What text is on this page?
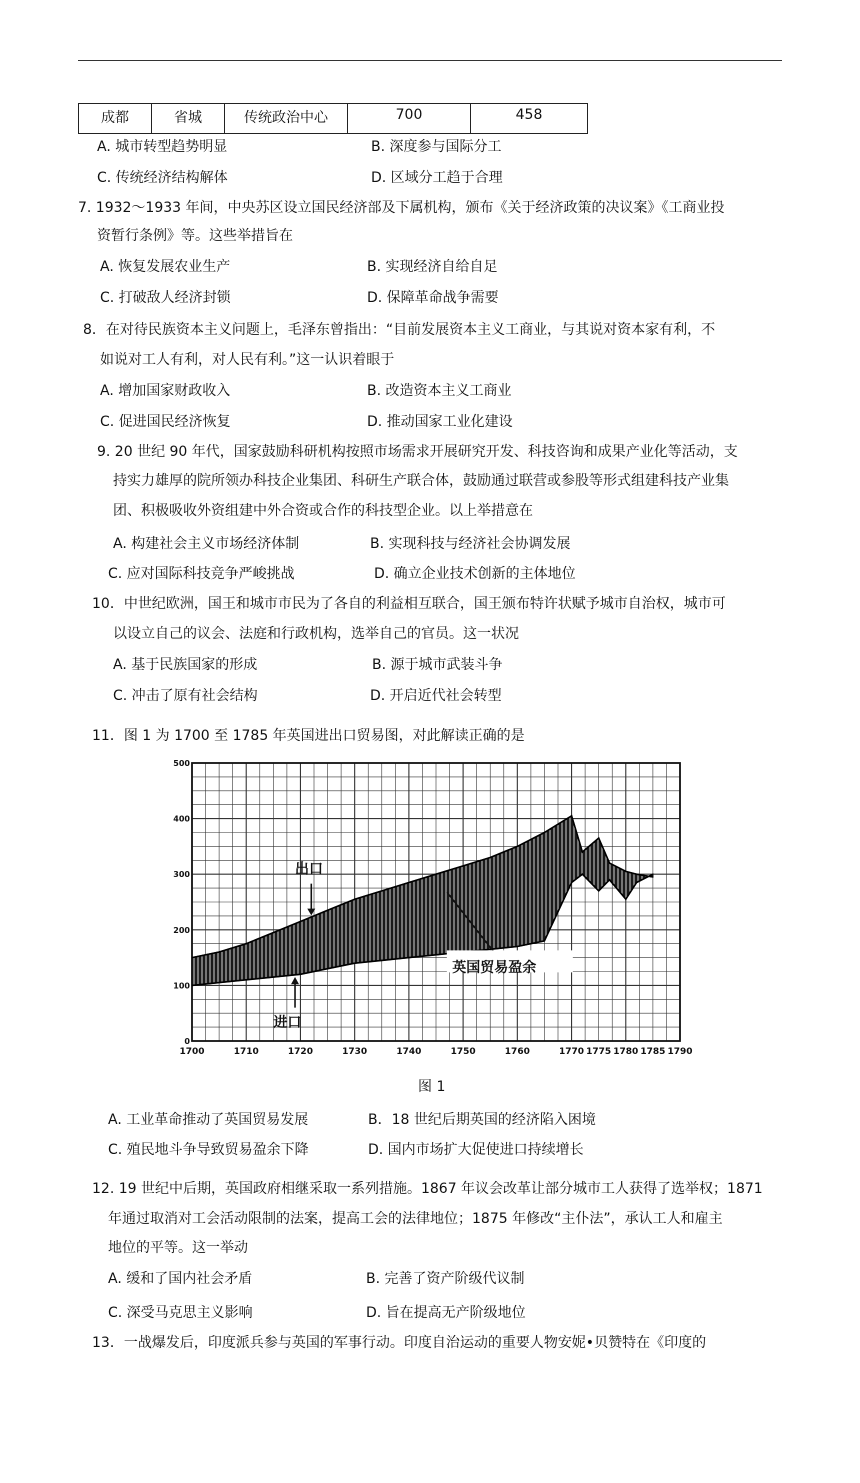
成都	省城	传统政治中心	700	458
A. 城市转型趋势明显	B. 深度参与国际分工
C. 传统经济结构解体	D. 区域分工趋于合理
7. 1932～1933 年间，中央苏区设立国民经济部及下属机构，颁布《关于经济政策的决议案》《工商业投
资暂行条例》等。这些举措旨在
A. 恢复发展农业生产	B. 实现经济自给自足
C. 打破敌人经济封锁	D. 保障革命战争需要
8．在对待民族资本主义问题上，毛泽东曾指出：“目前发展资本主义工商业，与其说对资本家有利，不
如说对工人有利，对人民有利。”这一认识着眼于
A. 增加国家财政收入	B. 改造资本主义工商业
C. 促进国民经济恢复	D. 推动国家工业化建设
9. 20 世纪 90 年代，国家鼓励科研机构按照市场需求开展研究开发、科技咨询和成果产业化等活动，支
持实力雄厚的院所领办科技企业集团、科研生产联合体，鼓励通过联营或参股等形式组建科技产业集
团、积极吸收外资组建中外合资或合作的科技型企业。以上举措意在
A. 构建社会主义市场经济体制	B. 实现科技与经济社会协调发展
C. 应对国际科技竞争严峻挑战	D. 确立企业技术创新的主体地位
10．中世纪欧洲，国王和城市市民为了各自的利益相互联合，国王颁布特许状赋予城市自治权，城市可
以设立自己的议会、法庭和行政机构，选举自己的官员。这一状况
A. 基于民族国家的形成	B. 源于城市武装斗争
C. 冲击了原有社会结构	D. 开启近代社会转型
11．图 1 为 1700 至 1785 年英国进出口贸易图，对此解读正确的是
1700	1710	1720	1730	1740	1750	1760	1770 1775 1780 1785 1790
0
100
200
300
400
500
出口
进口
英国贸易盈余
图 1
A. 工业革命推动了英国贸易发展	B．18 世纪后期英国的经济陷入困境
C. 殖民地斗争导致贸易盈余下降	D. 国内市场扩大促使进口持续增长
12. 19 世纪中后期，英国政府相继采取一系列措施。1867 年议会改革让部分城市工人获得了选举权；1871
年通过取消对工会活动限制的法案，提高工会的法律地位；1875 年修改“主仆法”，承认工人和雇主
地位的平等。这一举动
A. 缓和了国内社会矛盾	B. 完善了资产阶级代议制
C. 深受马克思主义影响	D. 旨在提高无产阶级地位
13．一战爆发后，印度派兵参与英国的军事行动。印度自治运动的重要人物安妮•贝赞特在《印度的
